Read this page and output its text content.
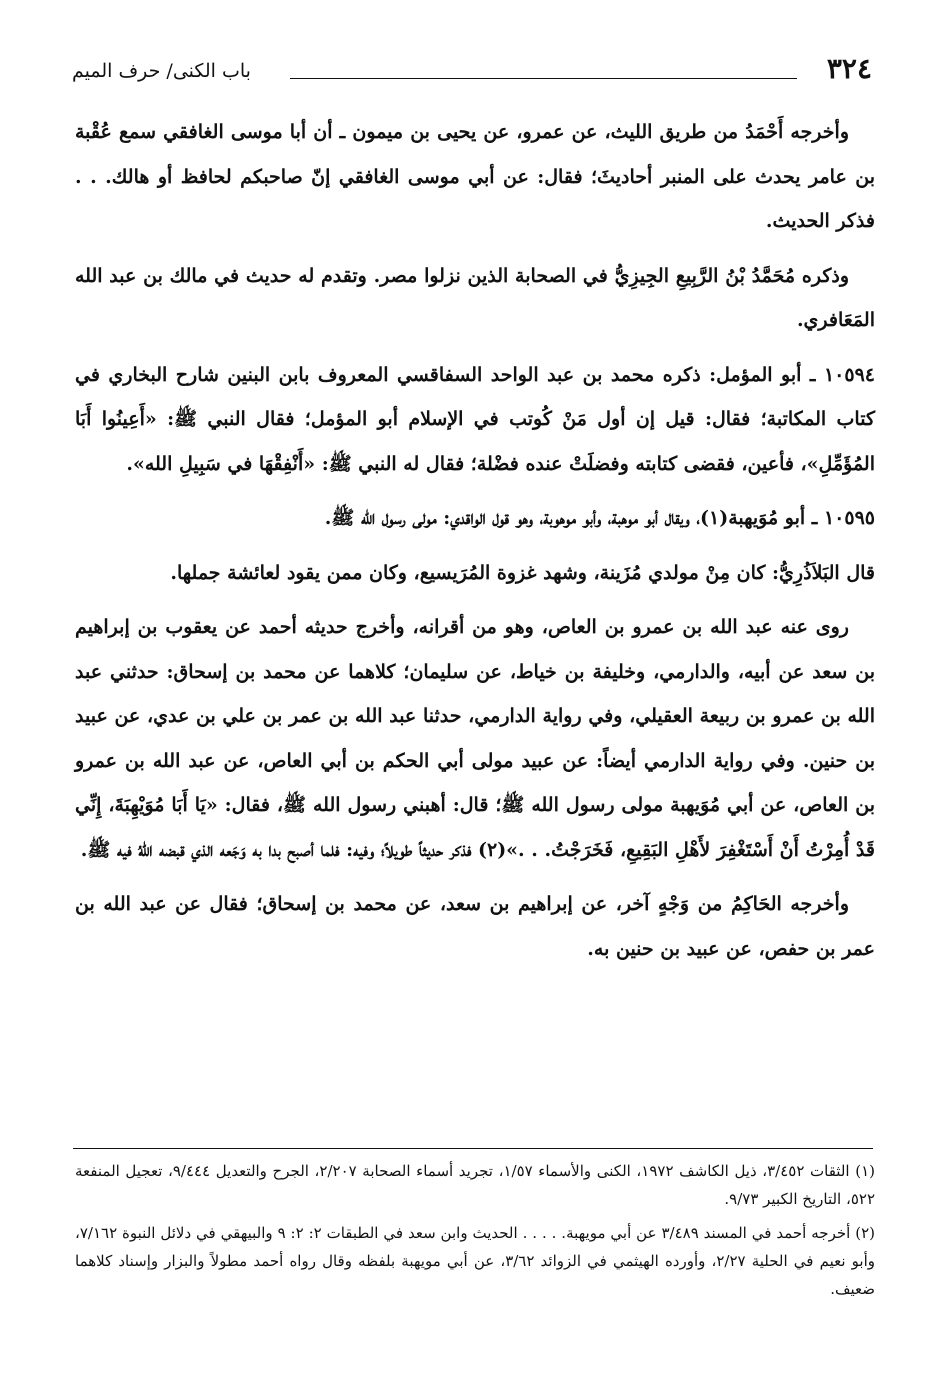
٣٢٤
باب الكنى/ حرف الميم

وأخرجه أَحْمَدُ من طريق الليث، عن عمرو، عن يحيى بن ميمون ـ أن أبا موسى الغافقي سمع عُقْبة بن عامر يحدث على المنبر أحاديثَ؛ فقال: عن أبي موسى الغافقي إنّ صاحبكم لحافظ أو هالك. . . فذكر الحديث.

وذكره مُحَمَّدُ بْنُ الرَّبِيعِ الجِيزِيُّ في الصحابة الذين نزلوا مصر. وتقدم له حديث في مالك بن عبد الله المَعَافري.

١٠٥٩٤ ـ أبو المؤمل: ذكره محمد بن عبد الواحد السفاقسي المعروف بابن البنين شارح البخاري في كتاب المكاتبة؛ فقال: قيل إن أول مَنْ كُوتب في الإسلام أبو المؤمل؛ فقال النبي ﷺ: «أَعِينُوا أَبَا المُؤَمِّلِ»، فأعين، فقضى كتابته وفضلَتْ عنده فضْلة؛ فقال له النبي ﷺ: «أَنْفِقْهَا في سَبِيلِ الله».

١٠٥٩٥ ـ أبو مُوَيهبة(١)، ويقال أبو موهبة، وأبو موهوبة، وهو قول الواقدي: مولى رسول الله ﷺ.

قال البَلاَذُرِيُّ: كان مِنْ مولدي مُزَينة، وشهد غزوة المُرَيسيع، وكان ممن يقود لعائشة جملها.

روى عنه عبد الله بن عمرو بن العاص، وهو من أقرانه، وأخرج حديثه أحمد عن يعقوب بن إبراهيم بن سعد عن أبيه، والدارمي، وخليفة بن خياط، عن سليمان؛ كلاهما عن محمد بن إسحاق: حدثني عبد الله بن عمرو بن ربيعة العقيلي، وفي رواية الدارمي، حدثنا عبد الله بن عمر بن علي بن عدي، عن عبيد بن حنين. وفي رواية الدارمي أيضاً: عن عبيد مولى أبي الحكم بن أبي العاص، عن عبد الله بن عمرو بن العاص، عن أبي مُوَيهبة مولى رسول الله ﷺ؛ قال: أهبني رسول الله ﷺ، فقال: «يَا أَبَا مُوَيْهِبَةَ، إِنِّي قَدْ أُمِرْتُ أَنْ أَسْتَغْفِرَ لأَهْلِ البَقِيعِ، فَخَرَجْتُ. . .»(٢) فذكر حديثاً طويلاً؛ وفيه: فلما أصبح بدا به وَجَعه الذي قبضه اللهُ فيه ﷺ.

وأخرجه الحَاكِمُ من وَجْهٍ آخر، عن إبراهيم بن سعد، عن محمد بن إسحاق؛ فقال عن عبد الله بن عمر بن حفص، عن عبيد بن حنين به.

(١) الثقات ٣/٤٥٢، ذيل الكاشف ١٩٧٢، الكنى والأسماء ١/٥٧، تجريد أسماء الصحابة ٢/٢٠٧، الجرح والتعديل ٩/٤٤٤، تعجيل المنفعة ٥٢٢، التاريخ الكبير ٩/٧٣.

(٢) أخرجه أحمد في المسند ٣/٤٨٩ عن أبي مويهبة. . . . . الحديث وابن سعد في الطبقات ٢: ٢: ٩ والبيهقي في دلائل النبوة ٧/١٦٢، وأبو نعيم في الحلية ٢/٢٧، وأورده الهيثمي في الزوائد ٣/٦٢، عن أبي مويهبة بلفظه وقال رواه أحمد مطولاً والبزار وإسناد كلاهما ضعيف.
